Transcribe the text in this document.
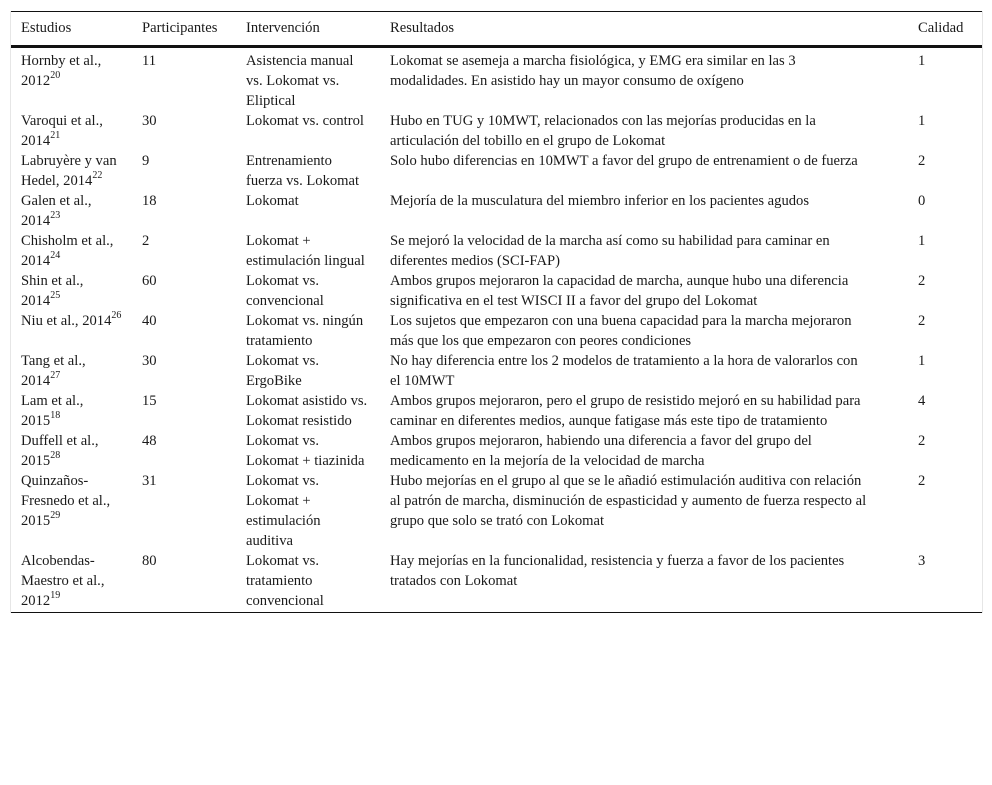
Estudios	Participantes	Intervención	Resultados	Calidad
Hornby et al., 2012$^{20}$	11	Asistencia manual vs. Lokomat vs. Eliptical	Lokomat se asemeja a marcha fisiológica, y EMG era similar en las 3 modalidades. En asistido hay un mayor consumo de oxígeno	1
Varoqui et al., 2014$^{21}$	30	Lokomat vs. control	Hubo en TUG y 10MWT, relacionados con las mejorías producidas en la articulación del tobillo en el grupo de Lokomat	1
Labruyère y van Hedel, 2014$^{22}$	9	Entrenamiento fuerza vs. Lokomat	Solo hubo diferencias en 10MWT a favor del grupo de entrenamient o de fuerza	2
Galen et al., 2014$^{23}$	18	Lokomat	Mejoría de la musculatura del miembro inferior en los pacientes agudos	0
Chisholm et al., 2014$^{24}$	2	Lokomat + estimulación lingual	Se mejoró la velocidad de la marcha así como su habilidad para caminar en diferentes medios (SCI-FAP)	1
Shin et al., 2014$^{25}$	60	Lokomat vs. convencional	Ambos grupos mejoraron la capacidad de marcha, aunque hubo una diferencia significativa en el test WISCI II a favor del grupo del Lokomat	2
Niu et al., 2014$^{26}$	40	Lokomat vs. ningún tratamiento	Los sujetos que empezaron con una buena capacidad para la marcha mejoraron más que los que empezaron con peores condiciones	2
Tang et al., 2014$^{27}$	30	Lokomat vs. ErgoBike	No hay diferencia entre los 2 modelos de tratamiento a la hora de valorarlos con el 10MWT	1
Lam et al., 2015$^{18}$	15	Lokomat asistido vs. Lokomat resistido	Ambos grupos mejoraron, pero el grupo de resistido mejoró en su habilidad para caminar en diferentes medios, aunque fatigase más este tipo de tratamiento	4
Duffell et al., 2015$^{28}$	48	Lokomat vs. Lokomat + tiazinida	Ambos grupos mejoraron, habiendo una diferencia a favor del grupo del medicamento en la mejoría de la velocidad de marcha	2
Quinzaños-Fresnedo et al., 2015$^{29}$	31	Lokomat vs. Lokomat + estimulación auditiva	Hubo mejorías en el grupo al que se le añadió estimulación auditiva con relación al patrón de marcha, disminución de espasticidad y aumento de fuerza respecto al grupo que solo se trató con Lokomat	2
Alcobendas-Maestro et al., 2012$^{19}$	80	Lokomat vs. tratamiento convencional	Hay mejorías en la funcionalidad, resistencia y fuerza a favor de los pacientes tratados con Lokomat	3
